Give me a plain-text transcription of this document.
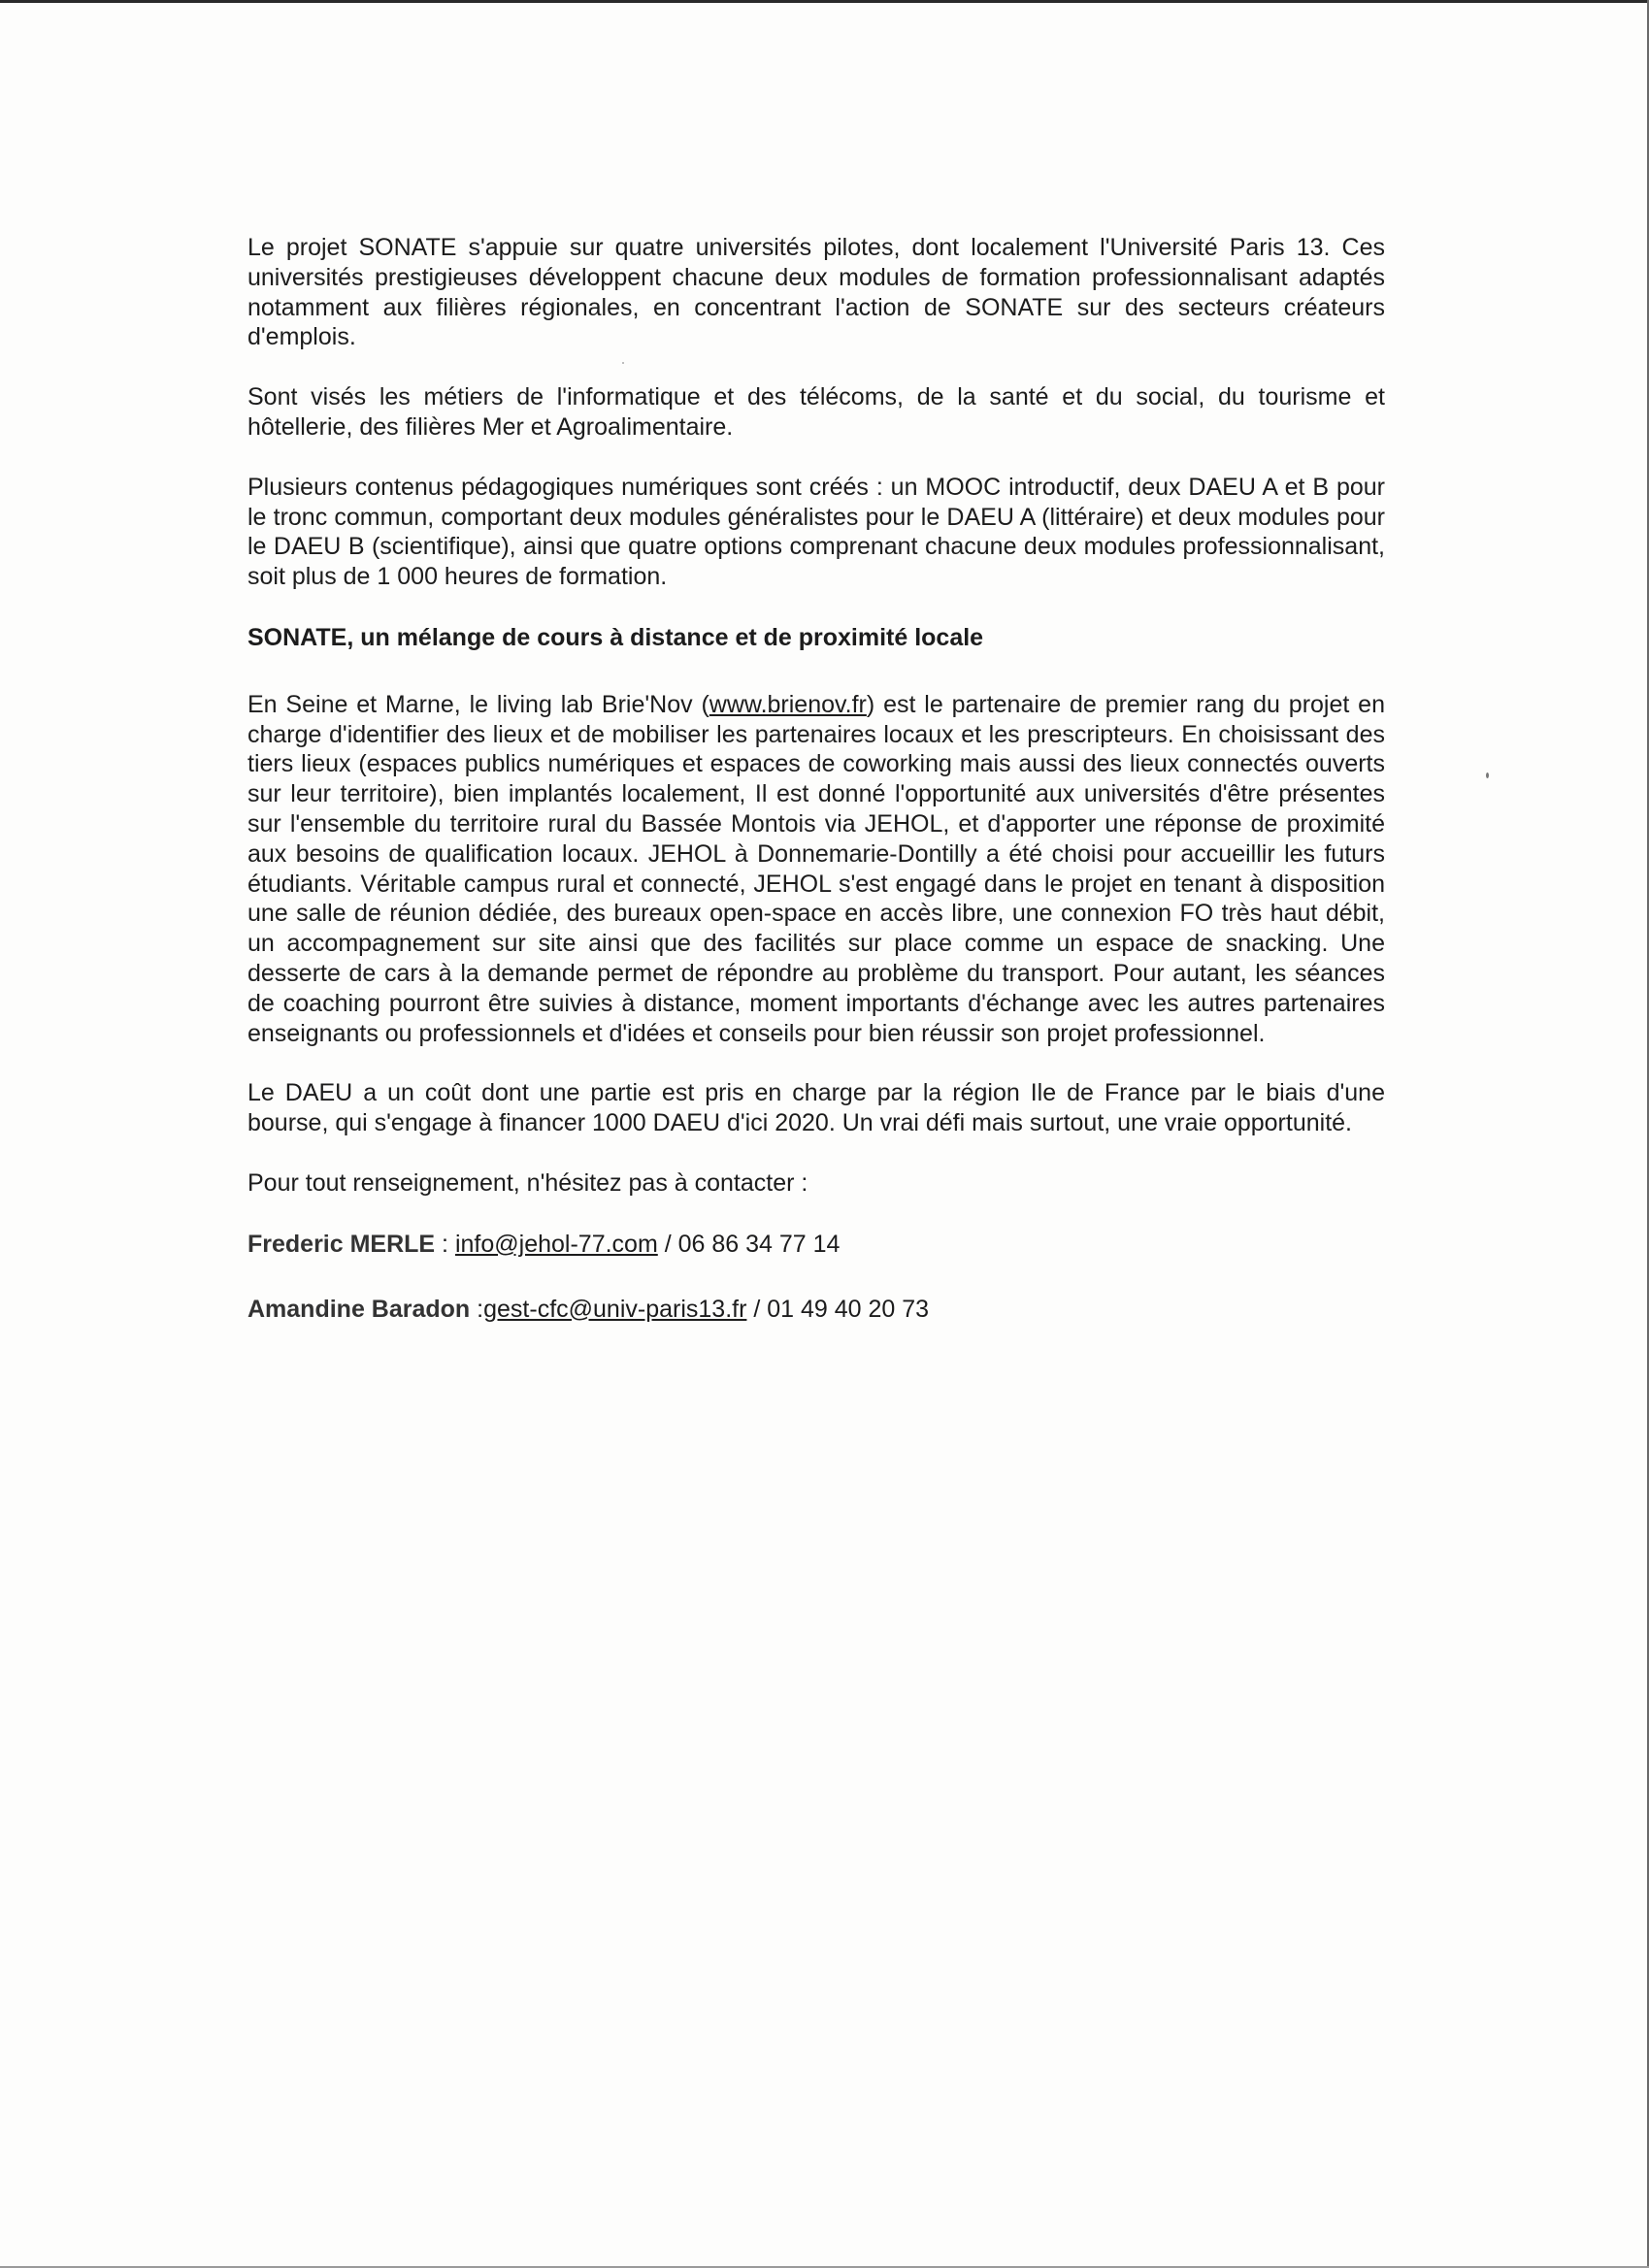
Le projet SONATE s'appuie sur quatre universités pilotes, dont localement l'Université Paris 13. Ces universités prestigieuses développent chacune deux modules de formation professionnalisant adaptés notamment aux filières régionales, en concentrant l'action de SONATE sur des secteurs créateurs d'emplois.

Sont visés les métiers de l'informatique et des télécoms, de la santé et du social, du tourisme et hôtellerie, des filières Mer et Agroalimentaire.

Plusieurs contenus pédagogiques numériques sont créés : un MOOC introductif, deux DAEU A et B pour le tronc commun, comportant deux modules généralistes pour le DAEU A (littéraire) et deux modules pour le DAEU B (scientifique), ainsi que quatre options comprenant chacune deux modules professionnalisant, soit plus de 1 000 heures de formation.

SONATE, un mélange de cours à distance et de proximité locale

En Seine et Marne, le living lab Brie'Nov (www.brienov.fr) est le partenaire de premier rang du projet en charge d'identifier des lieux et de mobiliser les partenaires locaux et les prescripteurs. En choisissant des tiers lieux (espaces publics numériques et espaces de coworking mais aussi des lieux connectés ouverts sur leur territoire), bien implantés localement, Il est donné l'opportunité aux universités d'être présentes sur l'ensemble du territoire rural du Bassée Montois via JEHOL, et d'apporter une réponse de proximité aux besoins de qualification locaux. JEHOL à Donnemarie-Dontilly a été choisi pour accueillir les futurs étudiants. Véritable campus rural et connecté, JEHOL s'est engagé dans le projet en tenant à disposition une salle de réunion dédiée, des bureaux open-space en accès libre, une connexion FO très haut débit, un accompagnement sur site ainsi que des facilités sur place comme un espace de snacking. Une desserte de cars à la demande permet de répondre au problème du transport. Pour autant, les séances de coaching pourront être suivies à distance, moment importants d'échange avec les autres partenaires enseignants ou professionnels et d'idées et conseils pour bien réussir son projet professionnel.

Le DAEU a un coût dont une partie est pris en charge par la région Ile de France par le biais d'une bourse, qui s'engage à financer 1000 DAEU d'ici 2020. Un vrai défi mais surtout, une vraie opportunité.

Pour tout renseignement, n'hésitez pas à contacter :

Frederic MERLE : info@jehol-77.com / 06 86 34 77 14

Amandine Baradon :gest-cfc@univ-paris13.fr / 01 49 40 20 73
